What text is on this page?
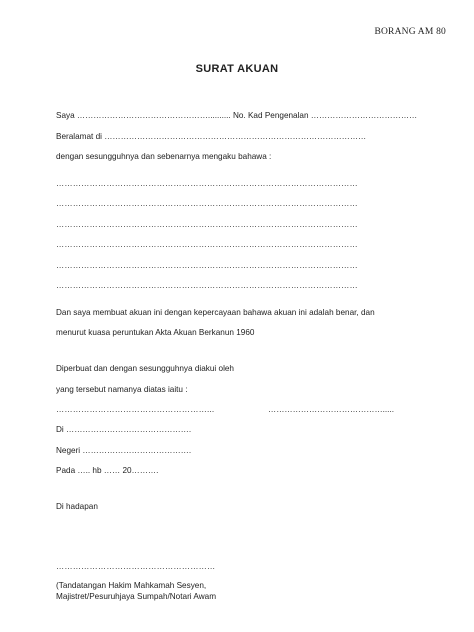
BORANG AM 80
SURAT AKUAN
Saya ………………………………………….......... No. Kad Pengenalan …………………………………
Beralamat di ……………………………………………………………………………………
dengan sesungguhnya dan sebenarnya mengaku bahawa :
………………………………………………………………………………………………
………………………………………………………………………………………………
………………………………………………………………………………………………
………………………………………………………………………………………………
………………………………………………………………………………………………
………………………………………………………………………………………………
Dan saya membuat akuan ini dengan kepercayaan bahawa akuan ini adalah benar, dan
menurut kuasa peruntukan Akta Akuan Berkanun 1960
Diperbuat dan dengan sesungguhnya diakui oleh
yang tersebut namanya diatas iaitu :
………………………………………………...	…………………………………….....
Di ……………………………………….
Negeri ………………………………….
Pada ….. hb …… 20……….
Di hadapan
…………………………………………………
(Tandatangan Hakim Mahkamah Sesyen,
Majistret/Pesuruhjaya Sumpah/Notari Awam
